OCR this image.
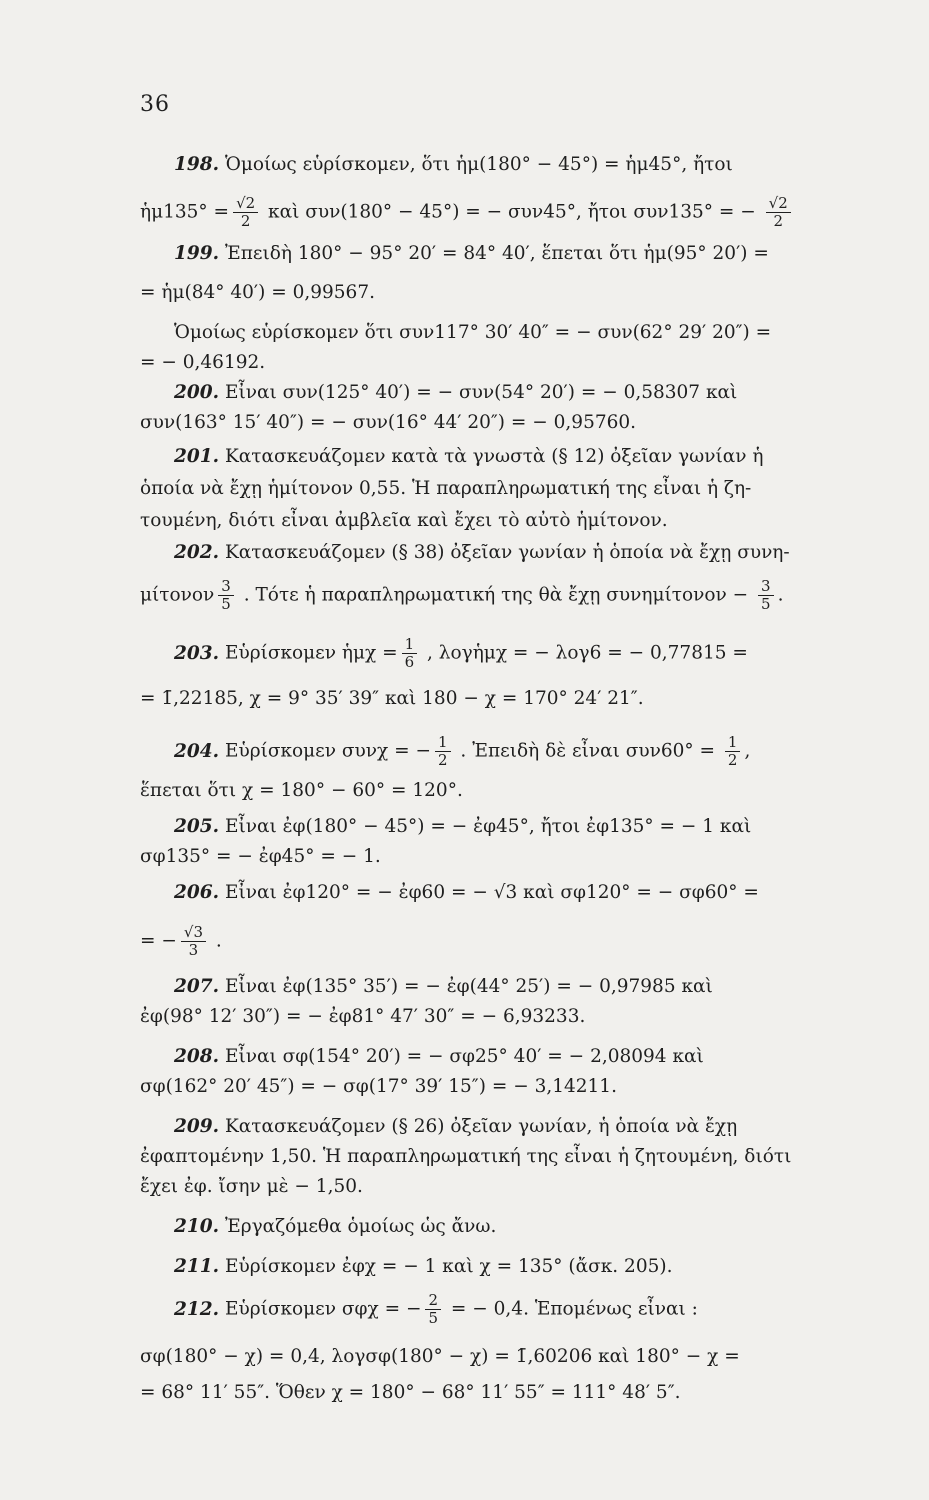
36
198. Ὁμοίως εὑρίσκομεν, ὅτι ἡμ(180° − 45°) = ἡμ45°, ἤτοι
ἡμ135° = $\frac{√2}{2}$ καὶ συν(180° − 45°) = − συν45°, ἤτοι συν135° = − $\frac{√2}{2}$
199. Ἐπειδὴ 180° − 95° 20′ = 84° 40′, ἕπεται ὅτι ἡμ(95° 20′) =
= ἡμ(84° 40′) = 0,99567.
Ὁμοίως εὑρίσκομεν ὅτι συν117° 30′ 40″ = − συν(62° 29′ 20″) =
= − 0,46192.
200. Εἶναι συν(125° 40′) = − συν(54° 20′) = − 0,58307 καὶ
συν(163° 15′ 40″) = − συν(16° 44′ 20″) = − 0,95760.
201. Κατασκευάζομεν κατὰ τὰ γνωστὰ (§ 12) ὀξεῖαν γωνίαν ἡ
ὁποία νὰ ἔχῃ ἡμίτονον 0,55. Ἡ παραπληρωματική της εἶναι ἡ ζη-
τουμένη, διότι εἶναι ἀμβλεῖα καὶ ἔχει τὸ αὐτὸ ἡμίτονον.
202. Κατασκευάζομεν (§ 38) ὀξεῖαν γωνίαν ἡ ὁποία νὰ ἔχῃ συνη-
μίτονον $\frac{3}{5}$ . Τότε ἡ παραπληρωματική της θὰ ἔχῃ $\sigma\upsilon\nu\eta\mu ί\tau o\nu o\nu - \frac{3}{5}$ .
203. Εὑρίσκομεν ἡμχ = $\frac{1}{6}$ , λογἡμχ = − λογ6 = − 0,77815 =
= 1̄,22185, χ = 9° 35′ 39″ καὶ 180 − χ = 170° 24′ 21″.
204. Εὑρίσκομεν συνχ = − $\frac{1}{2}$ . Ἐπειδὴ δὲ εἶναι $\sigma\upsilon\nu 60^\circ = \frac{1}{2}$ ,
ἕπεται ὅτι χ = 180° − 60° = 120°.
205. Εἶναι ἐφ(180° − 45°) = − ἐφ45°, ἤτοι ἐφ135° = − 1 καὶ
σφ135° = − ἐφ45° = − 1.
206. Εἶναι ἐφ120° = − ἐφ60 = − √3 καὶ σφ120° = − σφ60° =
= − $\frac{√3}{3}$ .
207. Εἶναι ἐφ(135° 35′) = − ἐφ(44° 25′) = − 0,97985 καὶ
ἐφ(98° 12′ 30″) = − ἐφ81° 47′ 30″ = − 6,93233.
208. Εἶναι σφ(154° 20′) = − σφ25° 40′ = − 2,08094 καὶ
σφ(162° 20′ 45″) = − σφ(17° 39′ 15″) = − 3,14211.
209. Κατασκευάζομεν (§ 26) ὀξεῖαν γωνίαν, ἡ ὁποία νὰ ἔχῃ
ἐφαπτομένην 1,50. Ἡ παραπληρωματική της εἶναι ἡ ζητουμένη, διότι
ἔχει ἐφ. ἴσην μὲ − 1,50.
210. Ἐργαζόμεθα ὁμοίως ὡς ἄνω.
211. Εὑρίσκομεν ἐφχ = − 1 καὶ χ = 135° (ἄσκ. 205).
212. Εὑρίσκομεν σφχ = − $\frac{2}{5}$ = − 0,4. Ἑπομένως εἶναι :
σφ(180° − χ) = 0,4, λογσφ(180° − χ) = 1̄,60206 καὶ 180° − χ =
= 68° 11′ 55″. Ὅθεν χ = 180° − 68° 11′ 55″ = 111° 48′ 5″.
